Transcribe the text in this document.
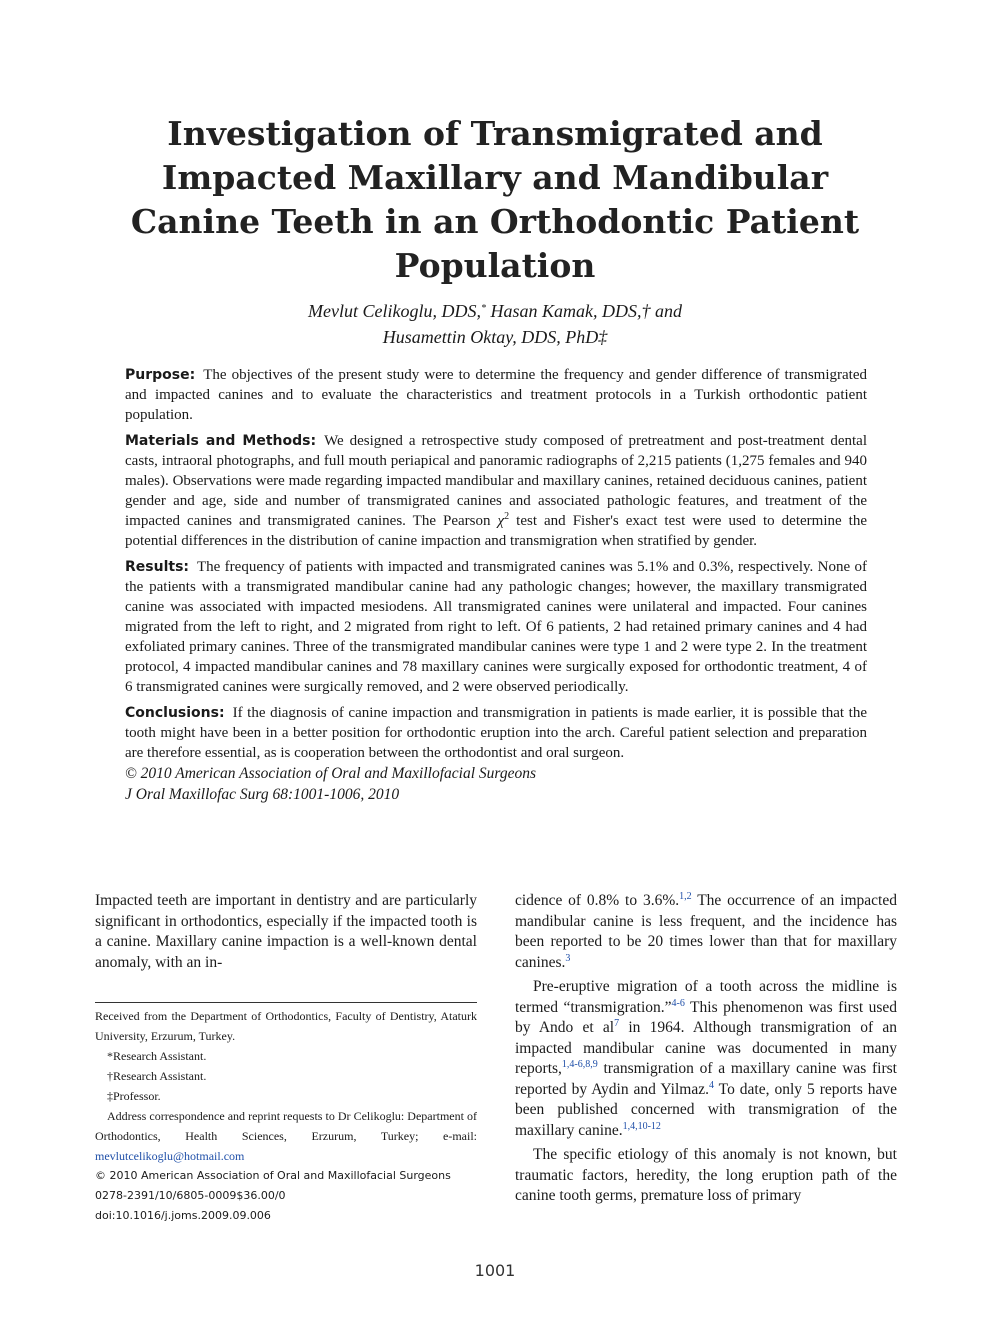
Investigation of Transmigrated and Impacted Maxillary and Mandibular Canine Teeth in an Orthodontic Patient Population
Mevlut Celikoglu, DDS,* Hasan Kamak, DDS,† and
Husamettin Oktay, DDS, PhD‡

Purpose: The objectives of the present study were to determine the frequency and gender difference of transmigrated and impacted canines and to evaluate the characteristics and treatment protocols in a Turkish orthodontic patient population.

Materials and Methods: We designed a retrospective study composed of pretreatment and post-treatment dental casts, intraoral photographs, and full mouth periapical and panoramic radiographs of 2,215 patients (1,275 females and 940 males). Observations were made regarding impacted mandibular and maxillary canines, retained deciduous canines, patient gender and age, side and number of transmigrated canines and associated pathologic features, and treatment of the impacted canines and transmigrated canines. The Pearson $\chi^2$ test and Fisher's exact test were used to determine the potential differences in the distribution of canine impaction and transmigration when stratified by gender.

Results: The frequency of patients with impacted and transmigrated canines was 5.1% and 0.3%, respectively. None of the patients with a transmigrated mandibular canine had any pathologic changes; however, the maxillary transmigrated canine was associated with impacted mesiodens. All transmigrated canines were unilateral and impacted. Four canines migrated from the left to right, and 2 migrated from right to left. Of 6 patients, 2 had retained primary canines and 4 had exfoliated primary canines. Three of the transmigrated mandibular canines were type 1 and 2 were type 2. In the treatment protocol, 4 impacted mandibular canines and 78 maxillary canines were surgically exposed for orthodontic treatment, 4 of 6 transmigrated canines were surgically removed, and 2 were observed periodically.

Conclusions: If the diagnosis of canine impaction and transmigration in patients is made earlier, it is possible that the tooth might have been in a better position for orthodontic eruption into the arch. Careful patient selection and preparation are therefore essential, as is cooperation between the orthodontist and oral surgeon.

© 2010 American Association of Oral and Maxillofacial Surgeons

J Oral Maxillofac Surg 68:1001-1006, 2010

Impacted teeth are important in dentistry and are particularly significant in orthodontics, especially if the impacted tooth is a canine. Maxillary canine impaction is a well-known dental anomaly, with an in-

Received from the Department of Orthodontics, Faculty of Dentistry, Ataturk University, Erzurum, Turkey.

*Research Assistant.

†Research Assistant.

‡Professor.

Address correspondence and reprint requests to Dr Celikoglu: Department of Orthodontics, Health Sciences, Erzurum, Turkey; e-mail: mevlutcelikoglu@hotmail.com

© 2010 American Association of Oral and Maxillofacial Surgeons

0278-2391/10/6805-0009$36.00/0

doi:10.1016/j.joms.2009.09.006

cidence of 0.8% to 3.6%.$^{1,2}$ The occurrence of an impacted mandibular canine is less frequent, and the incidence has been reported to be 20 times lower than that for maxillary canines.$^3$

Pre-eruptive migration of a tooth across the midline is termed “transmigration.”$^{4-6}$ This phenomenon was first used by Ando et al$^7$ in 1964. Although transmigration of an impacted mandibular canine was documented in many reports,$^{1,4-6,8,9}$ transmigration of a maxillary canine was first reported by Aydin and Yilmaz.$^4$ To date, only 5 reports have been published concerned with transmigration of the maxillary canine.$^{1,4,10-12}$

The specific etiology of this anomaly is not known, but traumatic factors, heredity, the long eruption path of the canine tooth germs, premature loss of primary

1001
